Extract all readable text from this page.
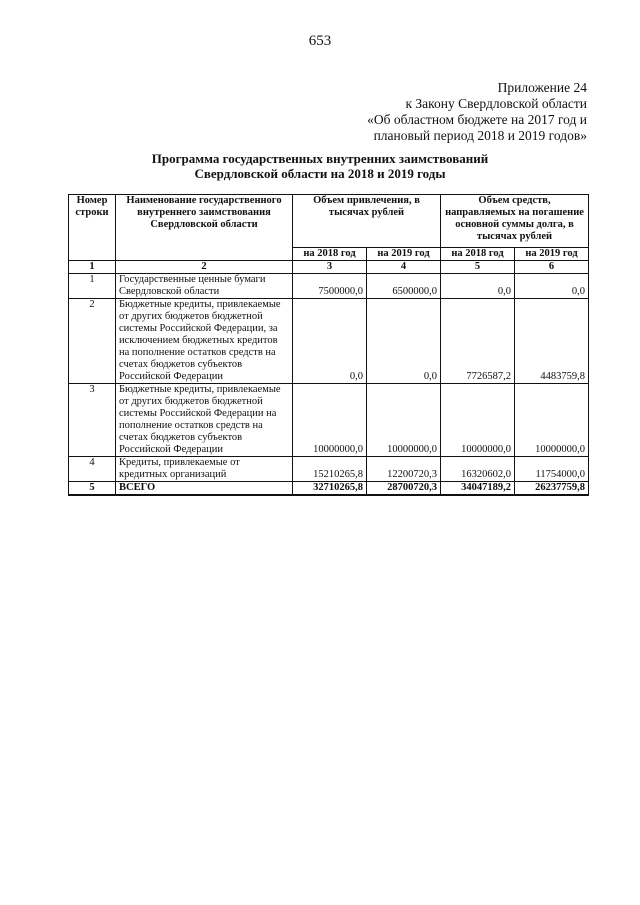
653
Приложение 24
к Закону Свердловской области
«Об областном бюджете на 2017 год и
плановый период 2018 и 2019 годов»
Программа государственных внутренних заимствований
Свердловской области на 2018 и 2019 годы
Номер строки	Наименование государственного внутреннего заимствования Свердловской области	Объем привлечения, в тысячах рублей		Объем средств, направляемых на погашение основной суммы долга, в тысячах рублей	
		на 2018 год	на 2019 год	на 2018 год	на 2019 год
1	2	3	4	5	6
1	Государственные ценные бумаги Свердловской области	7500000,0	6500000,0	0,0	0,0
2	Бюджетные кредиты, привлекаемые от других бюджетов бюджетной системы Российской Федерации, за исключением бюджетных кредитов на пополнение остатков средств на счетах бюджетов субъектов Российской Федерации	0,0	0,0	7726587,2	4483759,8
3	Бюджетные кредиты, привлекаемые от других бюджетов бюджетной системы Российской Федерации на пополнение остатков средств на счетах бюджетов субъектов Российской Федерации	10000000,0	10000000,0	10000000,0	10000000,0
4	Кредиты, привлекаемые от кредитных организаций	15210265,8	12200720,3	16320602,0	11754000,0
5	ВСЕГО	32710265,8	28700720,3	34047189,2	26237759,8
